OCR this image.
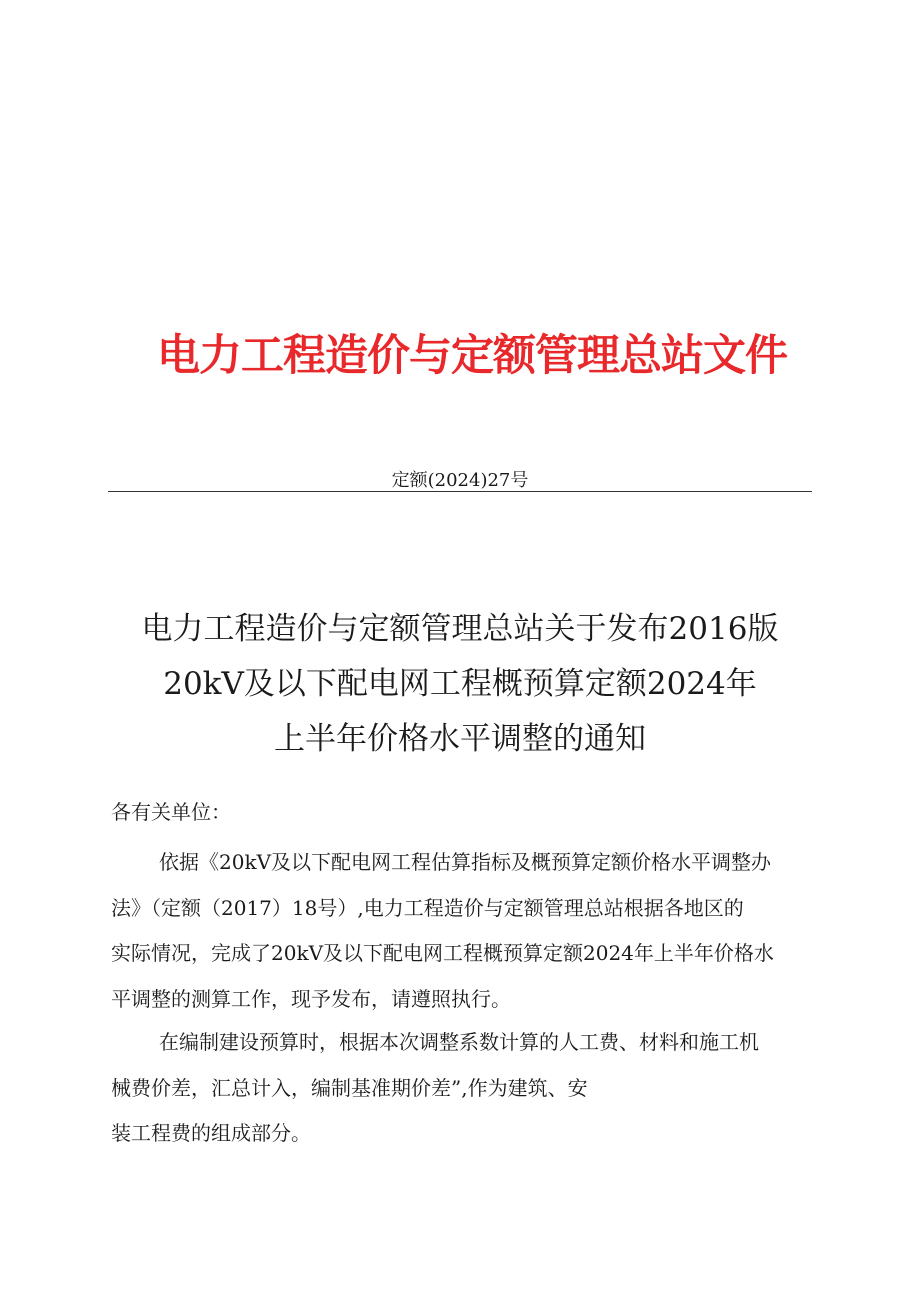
电力工程造价与定额管理总站文件
定额(2024)27号
电力工程造价与定额管理总站关于发布2016版
20kV及以下配电网工程概预算定额2024年
上半年价格水平调整的通知
各有关单位：
依据《20kV及以下配电网工程估算指标及概预算定额价格水平调整办
法》（定额（2017）18号）,电力工程造价与定额管理总站根据各地区的
实际情况，完成了20kV及以下配电网工程概预算定额2024年上半年价格水
平调整的测算工作，现予发布，请遵照执行。
在编制建设预算时，根据本次调整系数计算的人工费、材料和施工机
械费价差，汇总计入，编制基准期价差”,作为建筑、安
装工程费的组成部分。
